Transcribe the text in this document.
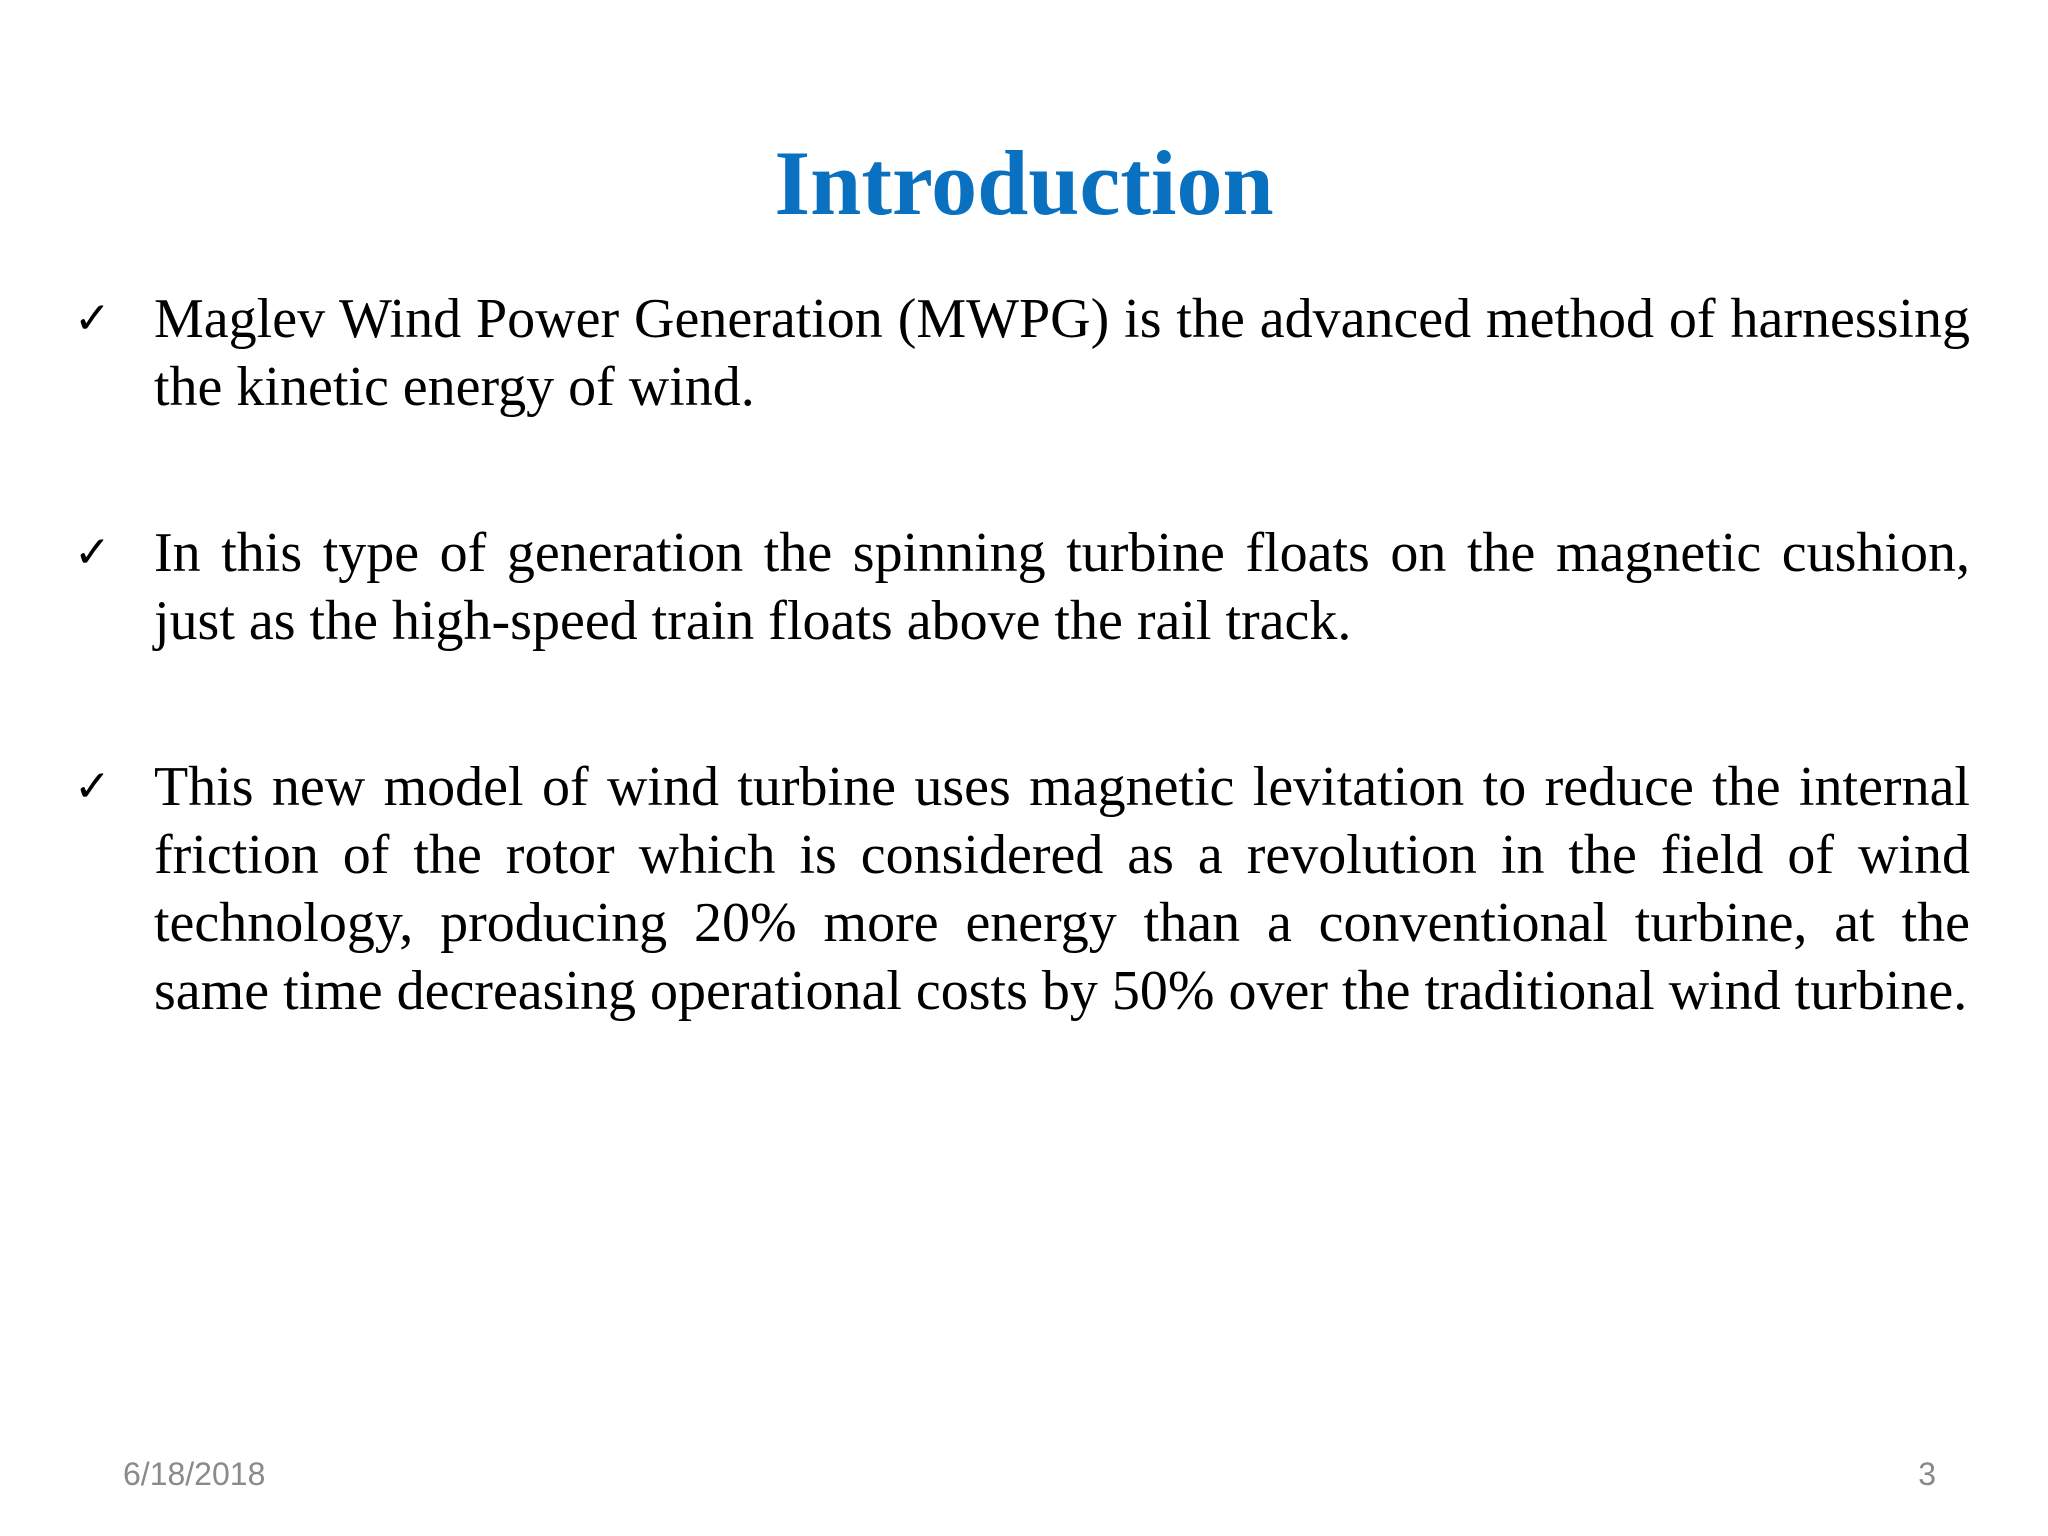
Introduction
✓ Maglev Wind Power Generation (MWPG) is the advanced method of harnessing the kinetic energy of wind.
✓ In this type of generation the spinning turbine floats on the magnetic cushion, just as the high-speed train floats above the rail track.
✓ This new model of wind turbine uses magnetic levitation to reduce the internal friction of the rotor which is considered as a revolution in the field of wind technology, producing 20% more energy than a conventional turbine, at the same time decreasing operational costs by 50% over the traditional wind turbine.
6/18/2018	3
